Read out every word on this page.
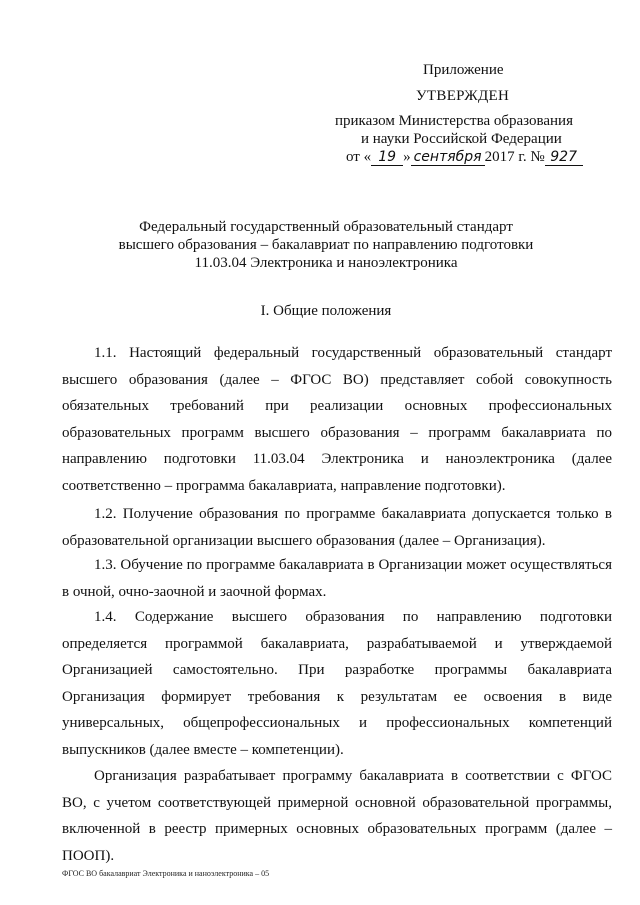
Приложение
УТВЕРЖДЕН
приказом Министерства образования
и науки Российской Федерации
от « 19 » сентября 2017 г. № 927
Федеральный государственный образовательный стандарт
высшего образования – бакалавриат по направлению подготовки
11.03.04 Электроника и наноэлектроника
I. Общие положения
1.1. Настоящий федеральный государственный образовательный стандарт высшего образования (далее – ФГОС ВО) представляет собой совокупность обязательных требований при реализации основных профессиональных образовательных программ высшего образования – программ бакалавриата по направлению подготовки 11.03.04 Электроника и наноэлектроника (далее соответственно – программа бакалавриата, направление подготовки).
1.2. Получение образования по программе бакалавриата допускается только в образовательной организации высшего образования (далее – Организация).
1.3. Обучение по программе бакалавриата в Организации может осуществляться в очной, очно-заочной и заочной формах.
1.4. Содержание высшего образования по направлению подготовки определяется программой бакалавриата, разрабатываемой и утверждаемой Организацией самостоятельно. При разработке программы бакалавриата Организация формирует требования к результатам ее освоения в виде универсальных, общепрофессиональных и профессиональных компетенций выпускников (далее вместе – компетенции).
Организация разрабатывает программу бакалавриата в соответствии с ФГОС ВО, с учетом соответствующей примерной основной образовательной программы, включенной в реестр примерных основных образовательных программ (далее – ПООП).
ФГОС ВО бакалавриат Электроника и наноэлектроника – 05
